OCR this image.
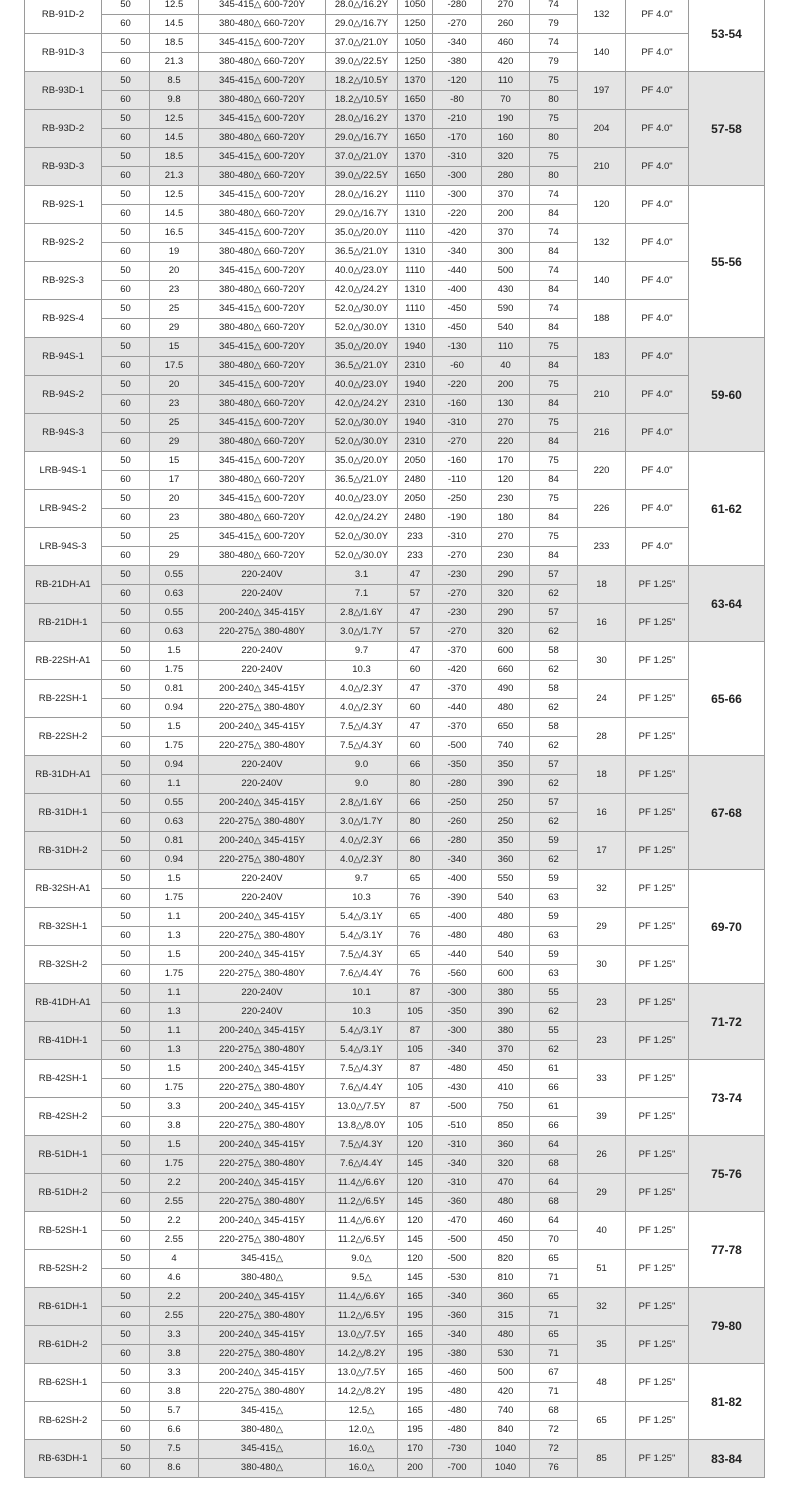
RB-91D-2	50	12.5	345-415△ 600-720Y	28.0△/16.2Y	1050	-280	270	74	132	PF 4.0"	53-54
	60	14.5	380-480△ 660-720Y	29.0△/16.7Y	1250	-270	260	79			
RB-91D-3	50	18.5	345-415△ 600-720Y	37.0△/21.0Y	1050	-340	460	74	140	PF 4.0"	
	60	21.3	380-480△ 660-720Y	39.0△/22.5Y	1250	-380	420	79			
RB-93D-1	50	8.5	345-415△ 600-720Y	18.2△/10.5Y	1370	-120	110	75	197	PF 4.0"	57-58
	60	9.8	380-480△ 660-720Y	18.2△/10.5Y	1650	-80	70	80			
RB-93D-2	50	12.5	345-415△ 600-720Y	28.0△/16.2Y	1370	-210	190	75	204	PF 4.0"	
	60	14.5	380-480△ 660-720Y	29.0△/16.7Y	1650	-170	160	80			
RB-93D-3	50	18.5	345-415△ 600-720Y	37.0△/21.0Y	1370	-310	320	75	210	PF 4.0"	
	60	21.3	380-480△ 660-720Y	39.0△/22.5Y	1650	-300	280	80			
RB-92S-1	50	12.5	345-415△ 600-720Y	28.0△/16.2Y	1110	-300	370	74	120	PF 4.0"	55-56
	60	14.5	380-480△ 660-720Y	29.0△/16.7Y	1310	-220	200	84			
RB-92S-2	50	16.5	345-415△ 600-720Y	35.0△/20.0Y	1110	-420	370	74	132	PF 4.0"	
	60	19	380-480△ 660-720Y	36.5△/21.0Y	1310	-340	300	84			
RB-92S-3	50	20	345-415△ 600-720Y	40.0△/23.0Y	1110	-440	500	74	140	PF 4.0"	
	60	23	380-480△ 660-720Y	42.0△/24.2Y	1310	-400	430	84			
RB-92S-4	50	25	345-415△ 600-720Y	52.0△/30.0Y	1110	-450	590	74	188	PF 4.0"	
	60	29	380-480△ 660-720Y	52.0△/30.0Y	1310	-450	540	84			
RB-94S-1	50	15	345-415△ 600-720Y	35.0△/20.0Y	1940	-130	110	75	183	PF 4.0"	59-60
	60	17.5	380-480△ 660-720Y	36.5△/21.0Y	2310	-60	40	84			
RB-94S-2	50	20	345-415△ 600-720Y	40.0△/23.0Y	1940	-220	200	75	210	PF 4.0"	
	60	23	380-480△ 660-720Y	42.0△/24.2Y	2310	-160	130	84			
RB-94S-3	50	25	345-415△ 600-720Y	52.0△/30.0Y	1940	-310	270	75	216	PF 4.0"	
	60	29	380-480△ 660-720Y	52.0△/30.0Y	2310	-270	220	84			
LRB-94S-1	50	15	345-415△ 600-720Y	35.0△/20.0Y	2050	-160	170	75	220	PF 4.0"	61-62
	60	17	380-480△ 660-720Y	36.5△/21.0Y	2480	-110	120	84			
LRB-94S-2	50	20	345-415△ 600-720Y	40.0△/23.0Y	2050	-250	230	75	226	PF 4.0"	
	60	23	380-480△ 660-720Y	42.0△/24.2Y	2480	-190	180	84			
LRB-94S-3	50	25	345-415△ 600-720Y	52.0△/30.0Y	233	-310	270	75	233	PF 4.0"	
	60	29	380-480△ 660-720Y	52.0△/30.0Y	233	-270	230	84			
RB-21DH-A1	50	0.55	220-240V	3.1	47	-230	290	57	18	PF 1.25"	63-64
	60	0.63	220-240V	7.1	57	-270	320	62			
RB-21DH-1	50	0.55	200-240△ 345-415Y	2.8△/1.6Y	47	-230	290	57	16	PF 1.25"	
	60	0.63	220-275△ 380-480Y	3.0△/1.7Y	57	-270	320	62			
RB-22SH-A1	50	1.5	220-240V	9.7	47	-370	600	58	30	PF 1.25"	65-66
	60	1.75	220-240V	10.3	60	-420	660	62			
RB-22SH-1	50	0.81	200-240△ 345-415Y	4.0△/2.3Y	47	-370	490	58	24	PF 1.25"	
	60	0.94	220-275△ 380-480Y	4.0△/2.3Y	60	-440	480	62			
RB-22SH-2	50	1.5	200-240△ 345-415Y	7.5△/4.3Y	47	-370	650	58	28	PF 1.25"	
	60	1.75	220-275△ 380-480Y	7.5△/4.3Y	60	-500	740	62			
RB-31DH-A1	50	0.94	220-240V	9.0	66	-350	350	57	18	PF 1.25"	67-68
	60	1.1	220-240V	9.0	80	-280	390	62			
RB-31DH-1	50	0.55	200-240△ 345-415Y	2.8△/1.6Y	66	-250	250	57	16	PF 1.25"	
	60	0.63	220-275△ 380-480Y	3.0△/1.7Y	80	-260	250	62			
RB-31DH-2	50	0.81	200-240△ 345-415Y	4.0△/2.3Y	66	-280	350	59	17	PF 1.25"	
	60	0.94	220-275△ 380-480Y	4.0△/2.3Y	80	-340	360	62			
RB-32SH-A1	50	1.5	220-240V	9.7	65	-400	550	59	32	PF 1.25"	69-70
	60	1.75	220-240V	10.3	76	-390	540	63			
RB-32SH-1	50	1.1	200-240△ 345-415Y	5.4△/3.1Y	65	-400	480	59	29	PF 1.25"	
	60	1.3	220-275△ 380-480Y	5.4△/3.1Y	76	-480	480	63			
RB-32SH-2	50	1.5	200-240△ 345-415Y	7.5△/4.3Y	65	-440	540	59	30	PF 1.25"	
	60	1.75	220-275△ 380-480Y	7.6△/4.4Y	76	-560	600	63			
RB-41DH-A1	50	1.1	220-240V	10.1	87	-300	380	55	23	PF 1.25"	71-72
	60	1.3	220-240V	10.3	105	-350	390	62			
RB-41DH-1	50	1.1	200-240△ 345-415Y	5.4△/3.1Y	87	-300	380	55	23	PF 1.25"	
	60	1.3	220-275△ 380-480Y	5.4△/3.1Y	105	-340	370	62			
RB-42SH-1	50	1.5	200-240△ 345-415Y	7.5△/4.3Y	87	-480	450	61	33	PF 1.25"	73-74
	60	1.75	220-275△ 380-480Y	7.6△/4.4Y	105	-430	410	66			
RB-42SH-2	50	3.3	200-240△ 345-415Y	13.0△/7.5Y	87	-500	750	61	39	PF 1.25"	
	60	3.8	220-275△ 380-480Y	13.8△/8.0Y	105	-510	850	66			
RB-51DH-1	50	1.5	200-240△ 345-415Y	7.5△/4.3Y	120	-310	360	64	26	PF 1.25"	75-76
	60	1.75	220-275△ 380-480Y	7.6△/4.4Y	145	-340	320	68			
RB-51DH-2	50	2.2	200-240△ 345-415Y	11.4△/6.6Y	120	-310	470	64	29	PF 1.25"	
	60	2.55	220-275△ 380-480Y	11.2△/6.5Y	145	-360	480	68			
RB-52SH-1	50	2.2	200-240△ 345-415Y	11.4△/6.6Y	120	-470	460	64	40	PF 1.25"	77-78
	60	2.55	220-275△ 380-480Y	11.2△/6.5Y	145	-500	450	70			
RB-52SH-2	50	4	345-415△	9.0△	120	-500	820	65	51	PF 1.25"	
	60	4.6	380-480△	9.5△	145	-530	810	71			
RB-61DH-1	50	2.2	200-240△ 345-415Y	11.4△/6.6Y	165	-340	360	65	32	PF 1.25"	79-80
	60	2.55	220-275△ 380-480Y	11.2△/6.5Y	195	-360	315	71			
RB-61DH-2	50	3.3	200-240△ 345-415Y	13.0△/7.5Y	165	-340	480	65	35	PF 1.25"	
	60	3.8	220-275△ 380-480Y	14.2△/8.2Y	195	-380	530	71			
RB-62SH-1	50	3.3	200-240△ 345-415Y	13.0△/7.5Y	165	-460	500	67	48	PF 1.25"	81-82
	60	3.8	220-275△ 380-480Y	14.2△/8.2Y	195	-480	420	71			
RB-62SH-2	50	5.7	345-415△	12.5△	165	-480	740	68	65	PF 1.25"	
	60	6.6	380-480△	12.0△	195	-480	840	72			
RB-63DH-1	50	7.5	345-415△	16.0△	170	-730	1040	72	85	PF 1.25"	83-84
	60	8.6	380-480△	16.0△	200	-700	1040	76			
